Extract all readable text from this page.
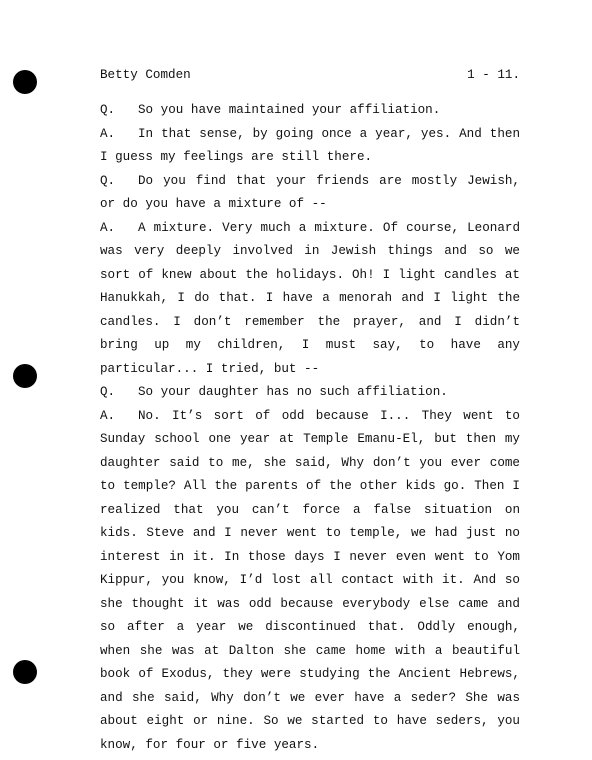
Betty Comden

	1 - 11.

Q. So you have maintained your affiliation.

A. In that sense, by going once a year, yes. And then I guess my feelings are still there.

Q. Do you find that your friends are mostly Jewish, or do you have a mixture of --

A. A mixture. Very much a mixture. Of course, Leonard was very deeply involved in Jewish things and so we sort of knew about the holidays. Oh! I light candles at Hanukkah, I do that. I have a menorah and I light the candles. I don’t remember the prayer, and I didn’t bring up my children, I must say, to have any particular... I tried, but --

Q. So your daughter has no such affiliation.

A. No. It’s sort of odd because I... They went to Sunday school one year at Temple Emanu-El, but then my daughter said to me, she said, Why don’t you ever come to temple? All the parents of the other kids go. Then I realized that you can’t force a false situation on kids. Steve and I never went to temple, we had just no interest in it. In those days I never even went to Yom Kippur, you know, I’d lost all contact with it. And so she thought it was odd because everybody else came and so after a year we discontinued that. Oddly enough, when she was at Dalton she came home with a beautiful book of Exodus, they were studying the Ancient Hebrews, and she said, Why don’t we ever have a seder? She was about eight or nine. So we started to have seders, you know, for four or five years.
